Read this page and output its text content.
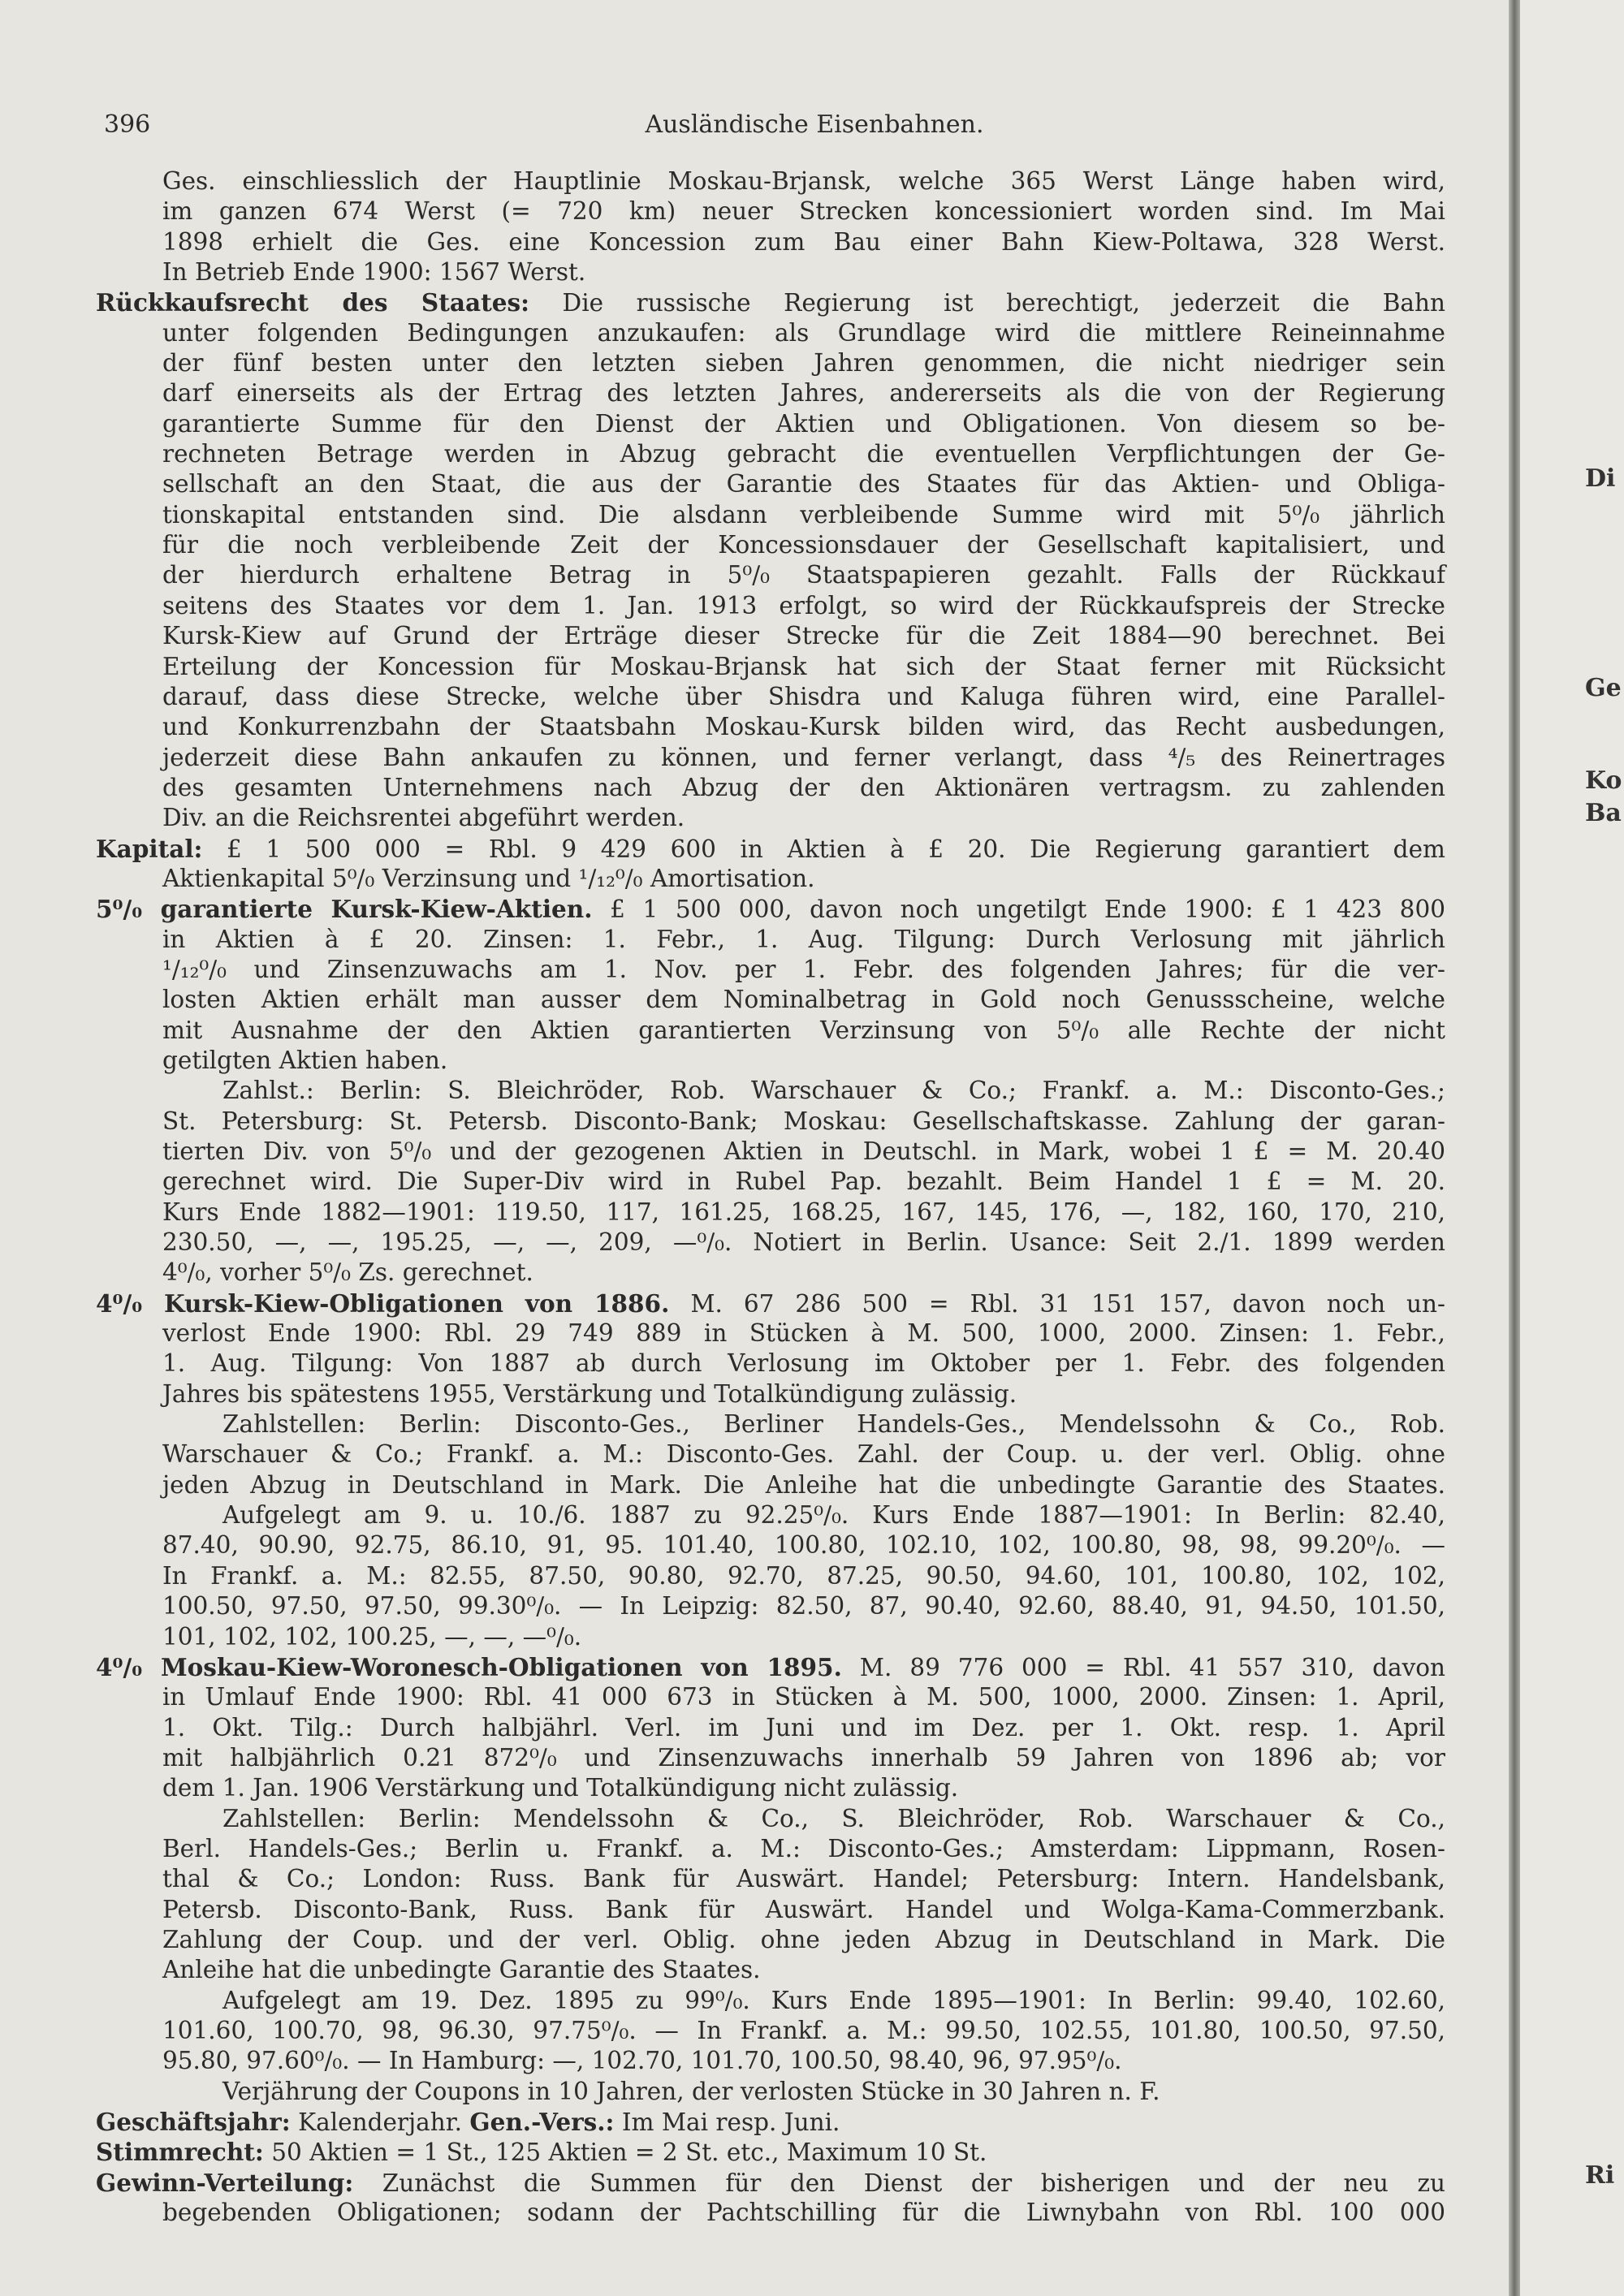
396	Ausländische Eisenbahnen.
Ges. einschliesslich der Hauptlinie Moskau-Brjansk, welche 365 Werst Länge haben wird,
im ganzen 674 Werst (= 720 km) neuer Strecken koncessioniert worden sind. Im Mai
1898 erhielt die Ges. eine Koncession zum Bau einer Bahn Kiew-Poltawa, 328 Werst.
In Betrieb Ende 1900: 1567 Werst.
Rückkaufsrecht des Staates: Die russische Regierung ist berechtigt, jederzeit die Bahn
unter folgenden Bedingungen anzukaufen: als Grundlage wird die mittlere Reineinnahme
der fünf besten unter den letzten sieben Jahren genommen, die nicht niedriger sein
darf einerseits als der Ertrag des letzten Jahres, andererseits als die von der Regierung
garantierte Summe für den Dienst der Aktien und Obligationen. Von diesem so be-
rechneten Betrage werden in Abzug gebracht die eventuellen Verpflichtungen der Ge-
sellschaft an den Staat, die aus der Garantie des Staates für das Aktien- und Obliga-
tionskapital entstanden sind. Die alsdann verbleibende Summe wird mit 5⁰/₀ jährlich
für die noch verbleibende Zeit der Koncessionsdauer der Gesellschaft kapitalisiert, und
der hierdurch erhaltene Betrag in 5⁰/₀ Staatspapieren gezahlt. Falls der Rückkauf
seitens des Staates vor dem 1. Jan. 1913 erfolgt, so wird der Rückkaufspreis der Strecke
Kursk-Kiew auf Grund der Erträge dieser Strecke für die Zeit 1884—90 berechnet. Bei
Erteilung der Koncession für Moskau-Brjansk hat sich der Staat ferner mit Rücksicht
darauf, dass diese Strecke, welche über Shisdra und Kaluga führen wird, eine Parallel-
und Konkurrenzbahn der Staatsbahn Moskau-Kursk bilden wird, das Recht ausbedungen,
jederzeit diese Bahn ankaufen zu können, und ferner verlangt, dass ⁴/₅ des Reinertrages
des gesamten Unternehmens nach Abzug der den Aktionären vertragsm. zu zahlenden
Div. an die Reichsrentei abgeführt werden.
Kapital: £ 1 500 000 = Rbl. 9 429 600 in Aktien à £ 20. Die Regierung garantiert dem
Aktienkapital 5⁰/₀ Verzinsung und ¹/₁₂⁰/₀ Amortisation.
5⁰/₀ garantierte Kursk-Kiew-Aktien. £ 1 500 000, davon noch ungetilgt Ende 1900: £ 1 423 800
in Aktien à £ 20. Zinsen: 1. Febr., 1. Aug. Tilgung: Durch Verlosung mit jährlich
¹/₁₂⁰/₀ und Zinsenzuwachs am 1. Nov. per 1. Febr. des folgenden Jahres; für die ver-
losten Aktien erhält man ausser dem Nominalbetrag in Gold noch Genussscheine, welche
mit Ausnahme der den Aktien garantierten Verzinsung von 5⁰/₀ alle Rechte der nicht
getilgten Aktien haben.
Zahlst.: Berlin: S. Bleichröder, Rob. Warschauer & Co.; Frankf. a. M.: Disconto-Ges.;
St. Petersburg: St. Petersb. Disconto-Bank; Moskau: Gesellschaftskasse. Zahlung der garan-
tierten Div. von 5⁰/₀ und der gezogenen Aktien in Deutschl. in Mark, wobei 1 £ = M. 20.40
gerechnet wird. Die Super-Div wird in Rubel Pap. bezahlt. Beim Handel 1 £ = M. 20.
Kurs Ende 1882—1901: 119.50, 117, 161.25, 168.25, 167, 145, 176, —, 182, 160, 170, 210,
230.50, —, —, 195.25, —, —, 209, —⁰/₀. Notiert in Berlin. Usance: Seit 2./1. 1899 werden
4⁰/₀, vorher 5⁰/₀ Zs. gerechnet.
4⁰/₀ Kursk-Kiew-Obligationen von 1886. M. 67 286 500 = Rbl. 31 151 157, davon noch un-
verlost Ende 1900: Rbl. 29 749 889 in Stücken à M. 500, 1000, 2000. Zinsen: 1. Febr.,
1. Aug. Tilgung: Von 1887 ab durch Verlosung im Oktober per 1. Febr. des folgenden
Jahres bis spätestens 1955, Verstärkung und Totalkündigung zulässig.
Zahlstellen: Berlin: Disconto-Ges., Berliner Handels-Ges., Mendelssohn & Co., Rob.
Warschauer & Co.; Frankf. a. M.: Disconto-Ges. Zahl. der Coup. u. der verl. Oblig. ohne
jeden Abzug in Deutschland in Mark. Die Anleihe hat die unbedingte Garantie des Staates.
Aufgelegt am 9. u. 10./6. 1887 zu 92.25⁰/₀. Kurs Ende 1887—1901: In Berlin: 82.40,
87.40, 90.90, 92.75, 86.10, 91, 95. 101.40, 100.80, 102.10, 102, 100.80, 98, 98, 99.20⁰/₀. —
In Frankf. a. M.: 82.55, 87.50, 90.80, 92.70, 87.25, 90.50, 94.60, 101, 100.80, 102, 102,
100.50, 97.50, 97.50, 99.30⁰/₀. — In Leipzig: 82.50, 87, 90.40, 92.60, 88.40, 91, 94.50, 101.50,
101, 102, 102, 100.25, —, —, —⁰/₀.
4⁰/₀ Moskau-Kiew-Woronesch-Obligationen von 1895. M. 89 776 000 = Rbl. 41 557 310, davon
in Umlauf Ende 1900: Rbl. 41 000 673 in Stücken à M. 500, 1000, 2000. Zinsen: 1. April,
1. Okt. Tilg.: Durch halbjährl. Verl. im Juni und im Dez. per 1. Okt. resp. 1. April
mit halbjährlich 0.21 872⁰/₀ und Zinsenzuwachs innerhalb 59 Jahren von 1896 ab; vor
dem 1. Jan. 1906 Verstärkung und Totalkündigung nicht zulässig.
Zahlstellen: Berlin: Mendelssohn & Co., S. Bleichröder, Rob. Warschauer & Co.,
Berl. Handels-Ges.; Berlin u. Frankf. a. M.: Disconto-Ges.; Amsterdam: Lippmann, Rosen-
thal & Co.; London: Russ. Bank für Auswärt. Handel; Petersburg: Intern. Handelsbank,
Petersb. Disconto-Bank, Russ. Bank für Auswärt. Handel und Wolga-Kama-Commerzbank.
Zahlung der Coup. und der verl. Oblig. ohne jeden Abzug in Deutschland in Mark. Die
Anleihe hat die unbedingte Garantie des Staates.
Aufgelegt am 19. Dez. 1895 zu 99⁰/₀. Kurs Ende 1895—1901: In Berlin: 99.40, 102.60,
101.60, 100.70, 98, 96.30, 97.75⁰/₀. — In Frankf. a. M.: 99.50, 102.55, 101.80, 100.50, 97.50,
95.80, 97.60⁰/₀. — In Hamburg: —, 102.70, 101.70, 100.50, 98.40, 96, 97.95⁰/₀.
Verjährung der Coupons in 10 Jahren, der verlosten Stücke in 30 Jahren n. F.
Geschäftsjahr: Kalenderjahr. Gen.-Vers.: Im Mai resp. Juni.
Stimmrecht: 50 Aktien = 1 St., 125 Aktien = 2 St. etc., Maximum 10 St.
Gewinn-Verteilung: Zunächst die Summen für den Dienst der bisherigen und der neu zu
begebenden Obligationen; sodann der Pachtschilling für die Liwnybahn von Rbl. 100 000
Di
Ge
Ko
Ba
Ri
